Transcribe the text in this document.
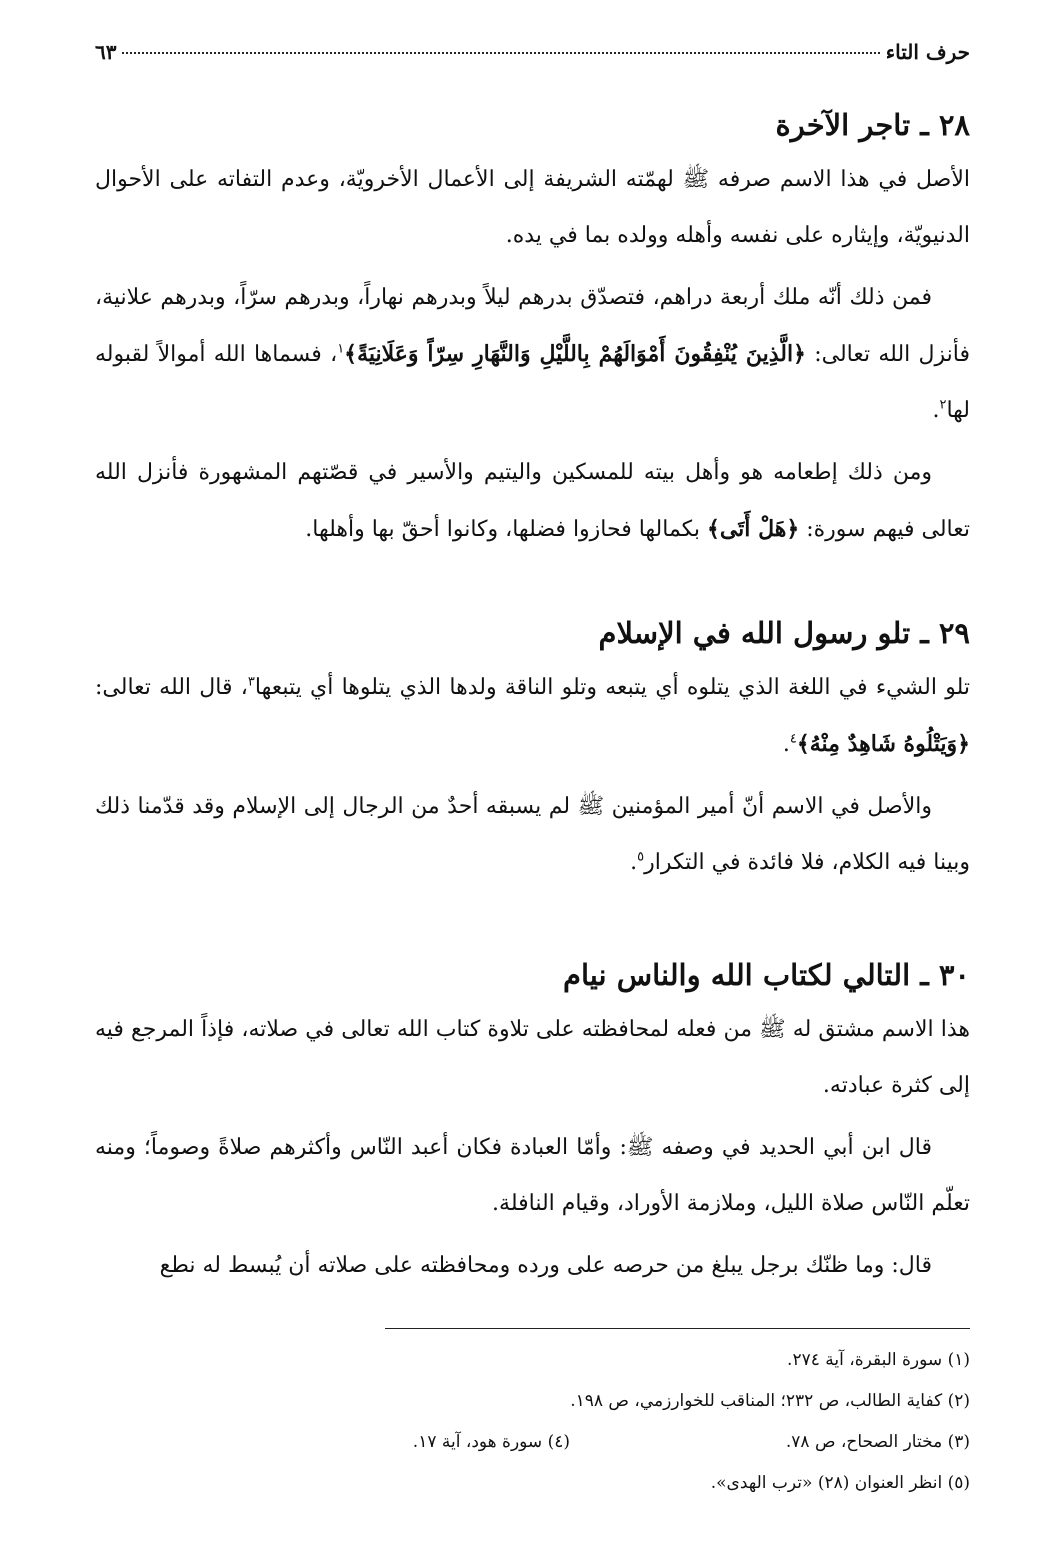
حرف التاء
٦٣
٢٨ ـ تاجر الآخرة

الأصل في هذا الاسم صرفه ﷺ لهمّته الشريفة إلى الأعمال الأخرويّة، وعدم التفاته على الأحوال الدنيويّة، وإيثاره على نفسه وأهله وولده بما في يده.

فمن ذلك أنّه ملك أربعة دراهم، فتصدّق بدرهم ليلاً وبدرهم نهاراً، وبدرهم سرّاً، وبدرهم علانية، فأنزل الله تعالى: ﴿الَّذِينَ يُنْفِقُونَ أَمْوَالَهُمْ بِاللَّيْلِ وَالنَّهَارِ سِرّاً وَعَلَانِيَةً﴾$^١$، فسماها الله أموالاً لقبوله لها$^٢$.

ومن ذلك إطعامه هو وأهل بيته للمسكين واليتيم والأسير في قصّتهم المشهورة فأنزل الله تعالى فيهم سورة: ﴿هَلْ أَتَى﴾ بكمالها فحازوا فضلها، وكانوا أحقّ بها وأهلها.

٢٩ ـ تلو رسول الله في الإسلام

تلو الشيء في اللغة الذي يتلوه أي يتبعه وتلو الناقة ولدها الذي يتلوها أي يتبعها$^٣$، قال الله تعالى: ﴿وَيَتْلُوهُ شَاهِدٌ مِنْهُ﴾$^٤$.

والأصل في الاسم أنّ أمير المؤمنين ﷺ لم يسبقه أحدٌ من الرجال إلى الإسلام وقد قدّمنا ذلك وبينا فيه الكلام، فلا فائدة في التكرار$^٥$.

٣٠ ـ التالي لكتاب الله والناس نيام

هذا الاسم مشتق له ﷺ من فعله لمحافظته على تلاوة كتاب الله تعالى في صلاته، فإذاً المرجع فيه إلى كثرة عبادته.

قال ابن أبي الحديد في وصفه ﷺ: وأمّا العبادة فكان أعبد النّاس وأكثرهم صلاةً وصوماً؛ ومنه تعلّم النّاس صلاة الليل، وملازمة الأوراد، وقيام النافلة.

قال: وما ظنّك برجل يبلغ من حرصه على ورده ومحافظته على صلاته أن يُبسط له نطع

(١) سورة البقرة، آية ٢٧٤.
(٢) كفاية الطالب، ص ٢٣٢؛ المناقب للخوارزمي، ص ١٩٨.
(٣) مختار الصحاح، ص ٧٨.
(٤) سورة هود، آية ١٧.
(٥) انظر العنوان (٢٨) «ترب الهدى».
